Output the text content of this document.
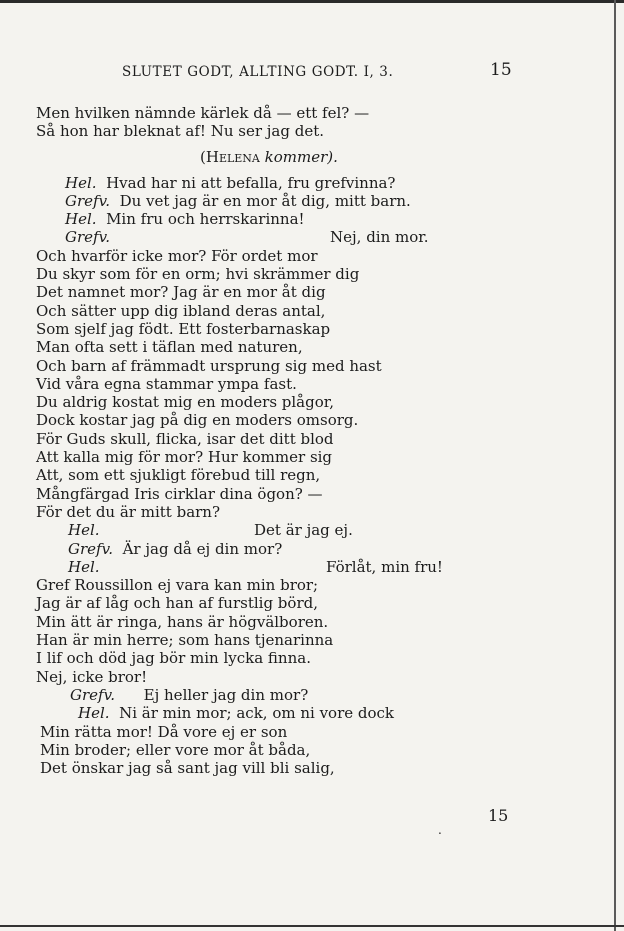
SLUTET GODT, ALLTING GODT. I, 3.	15
Men hvilken nämnde kärlek då — ett fel? —
Så hon har bleknat af! Nu ser jag det.
(Helena kommer).
Hel. Hvad har ni att befalla, fru grefvinna?
Grefv. Du vet jag är en mor åt dig, mitt barn.
Hel. Min fru och herrskarinna!
Grefv.	Nej, din mor.
Och hvarför icke mor? För ordet mor
Du skyr som för en orm; hvi skrämmer dig
Det namnet mor? Jag är en mor åt dig
Och sätter upp dig ibland deras antal,
Som sjelf jag födt. Ett fosterbarnaskap
Man ofta sett i täflan med naturen,
Och barn af främmadt ursprung sig med hast
Vid våra egna stammar ympa fast.
Du aldrig kostat mig en moders plågor,
Dock kostar jag på dig en moders omsorg.
För Guds skull, flicka, isar det ditt blod
Att kalla mig för mor? Hur kommer sig
Att, som ett sjukligt förebud till regn,
Mångfärgad Iris cirklar dina ögon? —
För det du är mitt barn?
Hel.	Det är jag ej.
Grefv. Är jag då ej din mor?
Hel.	Förlåt, min fru!
Gref Roussillon ej vara kan min bror;
Jag är af låg och han af furstlig börd,
Min ätt är ringa, hans är högvälboren.
Han är min herre; som hans tjenarinna
I lif och död jag bör min lycka finna.
Nej, icke bror!
Grefv. Ej heller jag din mor?
Hel. Ni är min mor; ack, om ni vore dock
Min rätta mor! Då vore ej er son
Min broder; eller vore mor åt båda,
Det önskar jag så sant jag vill bli salig,
.
15
